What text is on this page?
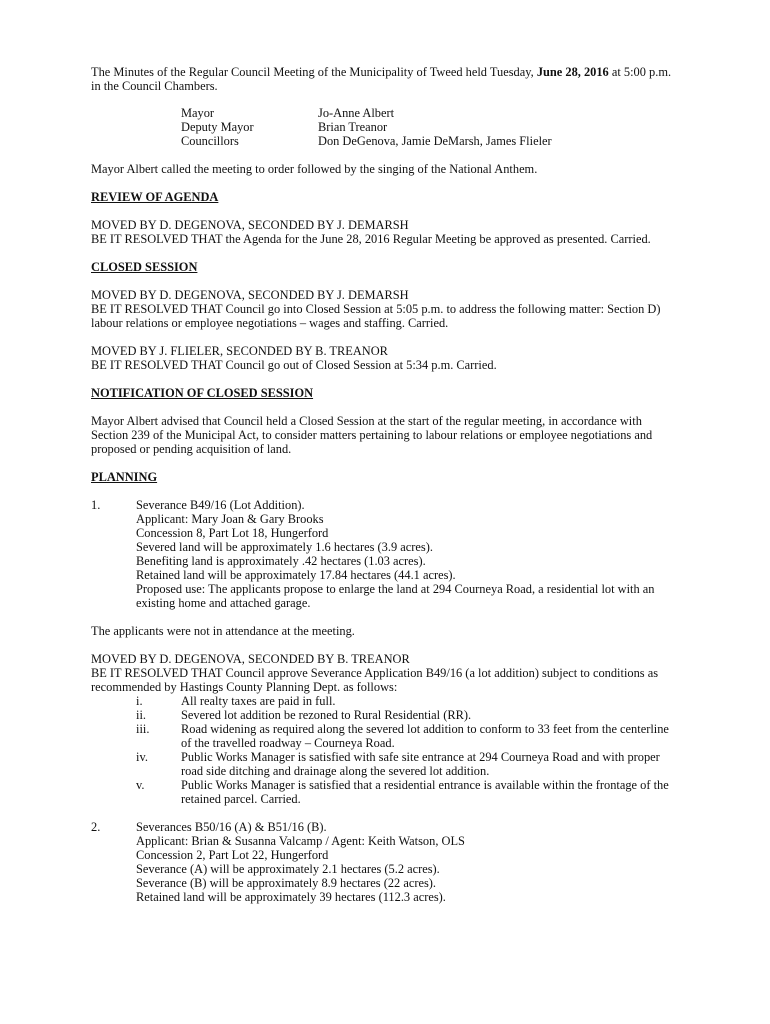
The Minutes of the Regular Council Meeting of the Municipality of Tweed held Tuesday, June 28, 2016 at 5:00 p.m. in the Council Chambers.

Mayor	Jo-Anne Albert
Deputy Mayor	Brian Treanor
Councillors	Don DeGenova, Jamie DeMarsh, James Flieler

Mayor Albert called the meeting to order followed by the singing of the National Anthem.

REVIEW OF AGENDA

MOVED BY D. DEGENOVA, SECONDED BY J. DEMARSH

BE IT RESOLVED THAT the Agenda for the June 28, 2016 Regular Meeting be approved as presented. Carried.

CLOSED SESSION

MOVED BY D. DEGENOVA, SECONDED BY J. DEMARSH

BE IT RESOLVED THAT Council go into Closed Session at 5:05 p.m. to address the following matter: Section D) labour relations or employee negotiations – wages and staffing. Carried.

MOVED BY J. FLIELER, SECONDED BY B. TREANOR

BE IT RESOLVED THAT Council go out of Closed Session at 5:34 p.m. Carried.

NOTIFICATION OF CLOSED SESSION

Mayor Albert advised that Council held a Closed Session at the start of the regular meeting, in accordance with Section 239 of the Municipal Act, to consider matters pertaining to labour relations or employee negotiations and proposed or pending acquisition of land.

PLANNING

1.	Severance B49/16 (Lot Addition).

Applicant: Mary Joan & Gary Brooks

Concession 8, Part Lot 18, Hungerford

Severed land will be approximately 1.6 hectares (3.9 acres).

Benefiting land is approximately .42 hectares (1.03 acres).

Retained land will be approximately 17.84 hectares (44.1 acres).

Proposed use: The applicants propose to enlarge the land at 294 Courneya Road, a residential lot with an existing home and attached garage.

The applicants were not in attendance at the meeting.

MOVED BY D. DEGENOVA, SECONDED BY B. TREANOR

BE IT RESOLVED THAT Council approve Severance Application B49/16 (a lot addition) subject to conditions as recommended by Hastings County Planning Dept. as follows:

i.	All realty taxes are paid in full.
ii.	Severed lot addition be rezoned to Rural Residential (RR).
iii.	Road widening as required along the severed lot addition to conform to 33 feet from the centerline of the travelled roadway – Courneya Road.
iv.	Public Works Manager is satisfied with safe site entrance at 294 Courneya Road and with proper road side ditching and drainage along the severed lot addition.
v.	Public Works Manager is satisfied that a residential entrance is available within the frontage of the retained parcel. Carried.
2.	Severances B50/16 (A) & B51/16 (B).

Applicant: Brian & Susanna Valcamp / Agent: Keith Watson, OLS

Concession 2, Part Lot 22, Hungerford

Severance (A) will be approximately 2.1 hectares (5.2 acres).

Severance (B) will be approximately 8.9 hectares (22 acres).

Retained land will be approximately 39 hectares (112.3 acres).
